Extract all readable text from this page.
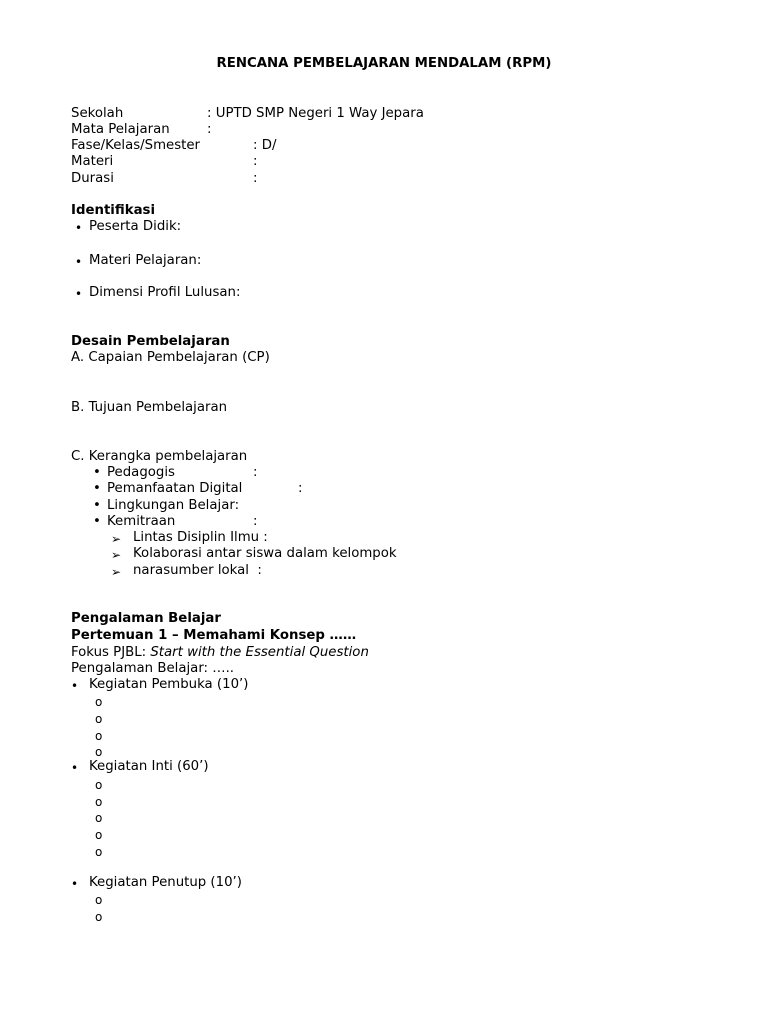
RENCANA PEMBELAJARAN MENDALAM (RPM)
Sekolah	: UPTD SMP Negeri 1 Way Jepara
Mata Pelajaran	:
Fase/Kelas/Smester	: D/
Materi	:
Durasi	:
Identifikasi
• Peserta Didik:
• Materi Pelajaran:
• Dimensi Profil Lulusan:
Desain Pembelajaran
A. Capaian Pembelajaran (CP)
B. Tujuan Pembelajaran
C. Kerangka pembelajaran
• Pedagogis	:
• Pemanfaatan Digital	:
• Lingkungan Belajar:
• Kemitraan	:
➢ Lintas Disiplin Ilmu :
➢ Kolaborasi antar siswa dalam kelompok
➢ narasumber lokal  :
Pengalaman Belajar
Pertemuan 1 – Memahami Konsep ……
Fokus PJBL: Start with the Essential Question
Pengalaman Belajar: …..
• Kegiatan Pembuka (10’)
o
o
o
o
• Kegiatan Inti (60’)
o
o
o
o
o
• Kegiatan Penutup (10’)
o
o
